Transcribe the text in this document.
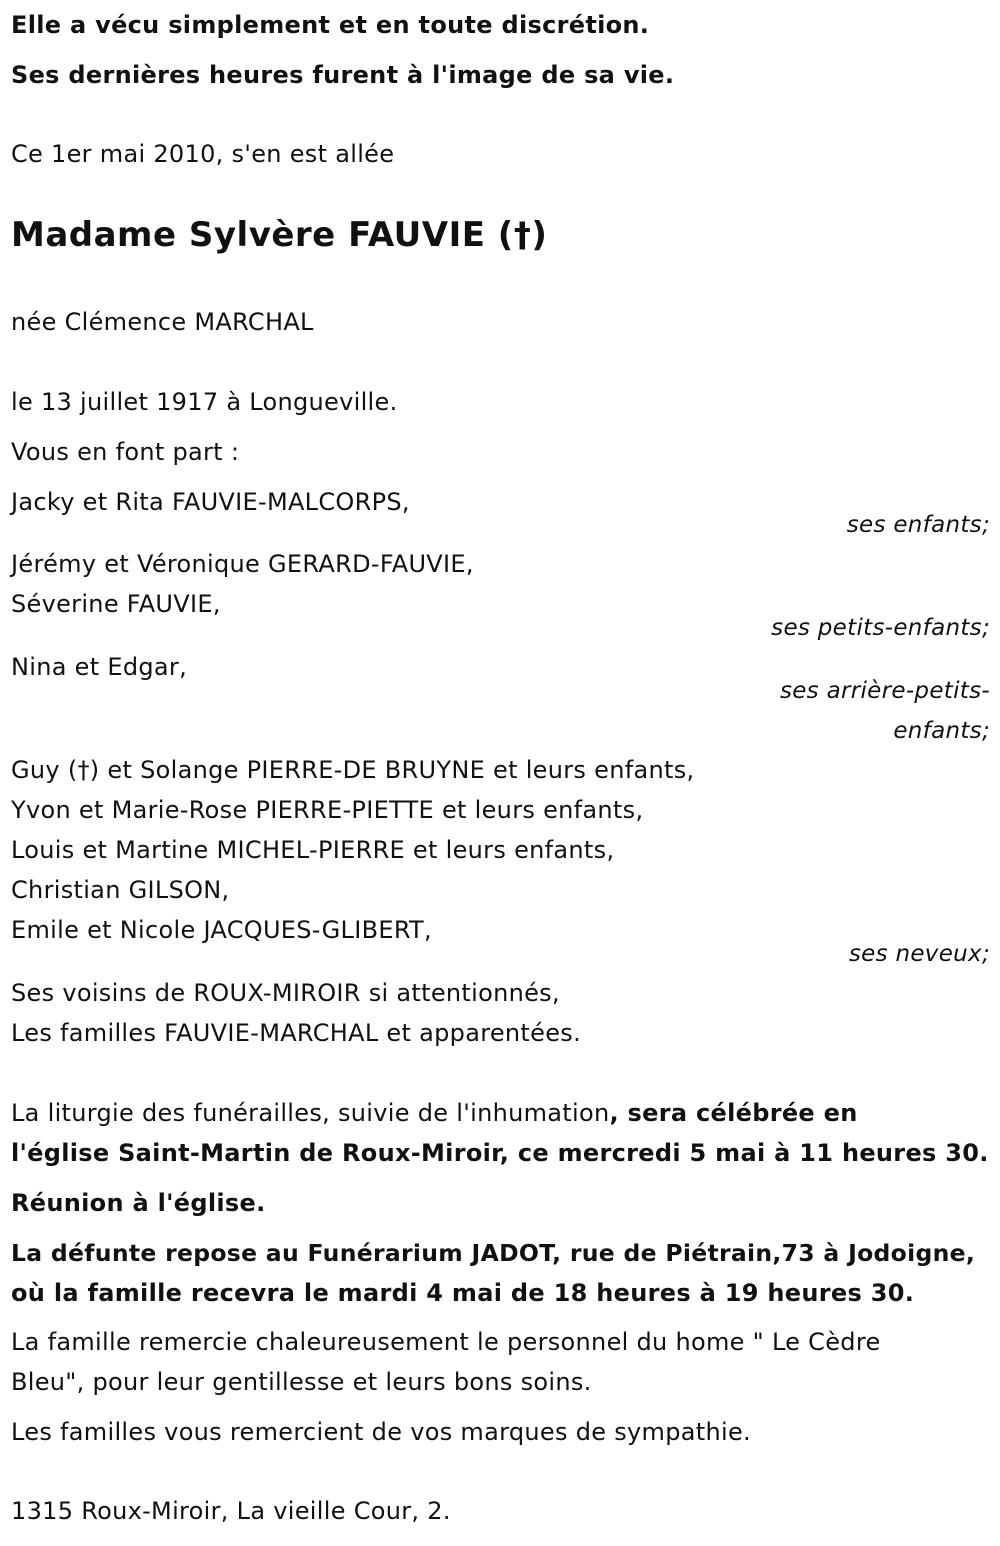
Elle a vécu simplement et en toute discrétion.

Ses dernières heures furent à l'image de sa vie.

Ce 1er mai 2010, s'en est allée

Madame Sylvère FAUVIE (†)

née Clémence MARCHAL

le 13 juillet 1917 à Longueville.

Vous en font part :

Jacky et Rita FAUVIE-MALCORPS,

ses enfants;

Jérémy et Véronique GERARD-FAUVIE,

Séverine FAUVIE,

ses petits-enfants;

Nina et Edgar,

ses arrière-petits-

enfants;

Guy (†) et Solange PIERRE-DE BRUYNE et leurs enfants,

Yvon et Marie-Rose PIERRE-PIETTE et leurs enfants,

Louis et Martine MICHEL-PIERRE et leurs enfants,

Christian GILSON,

Emile et Nicole JACQUES-GLIBERT,

ses neveux;

Ses voisins de ROUX-MIROIR si attentionnés,

Les familles FAUVIE-MARCHAL et apparentées.

La liturgie des funérailles, suivie de l'inhumation, sera célébrée en

l'église Saint-Martin de Roux-Miroir, ce mercredi 5 mai à 11 heures 30.

Réunion à l'église.

La défunte repose au Funérarium JADOT, rue de Piétrain,73 à Jodoigne,

où la famille recevra le mardi 4 mai de 18 heures à 19 heures 30.

La famille remercie chaleureusement le personnel du home " Le Cèdre

Bleu", pour leur gentillesse et leurs bons soins.

Les familles vous remercient de vos marques de sympathie.

1315 Roux-Miroir, La vieille Cour, 2.
